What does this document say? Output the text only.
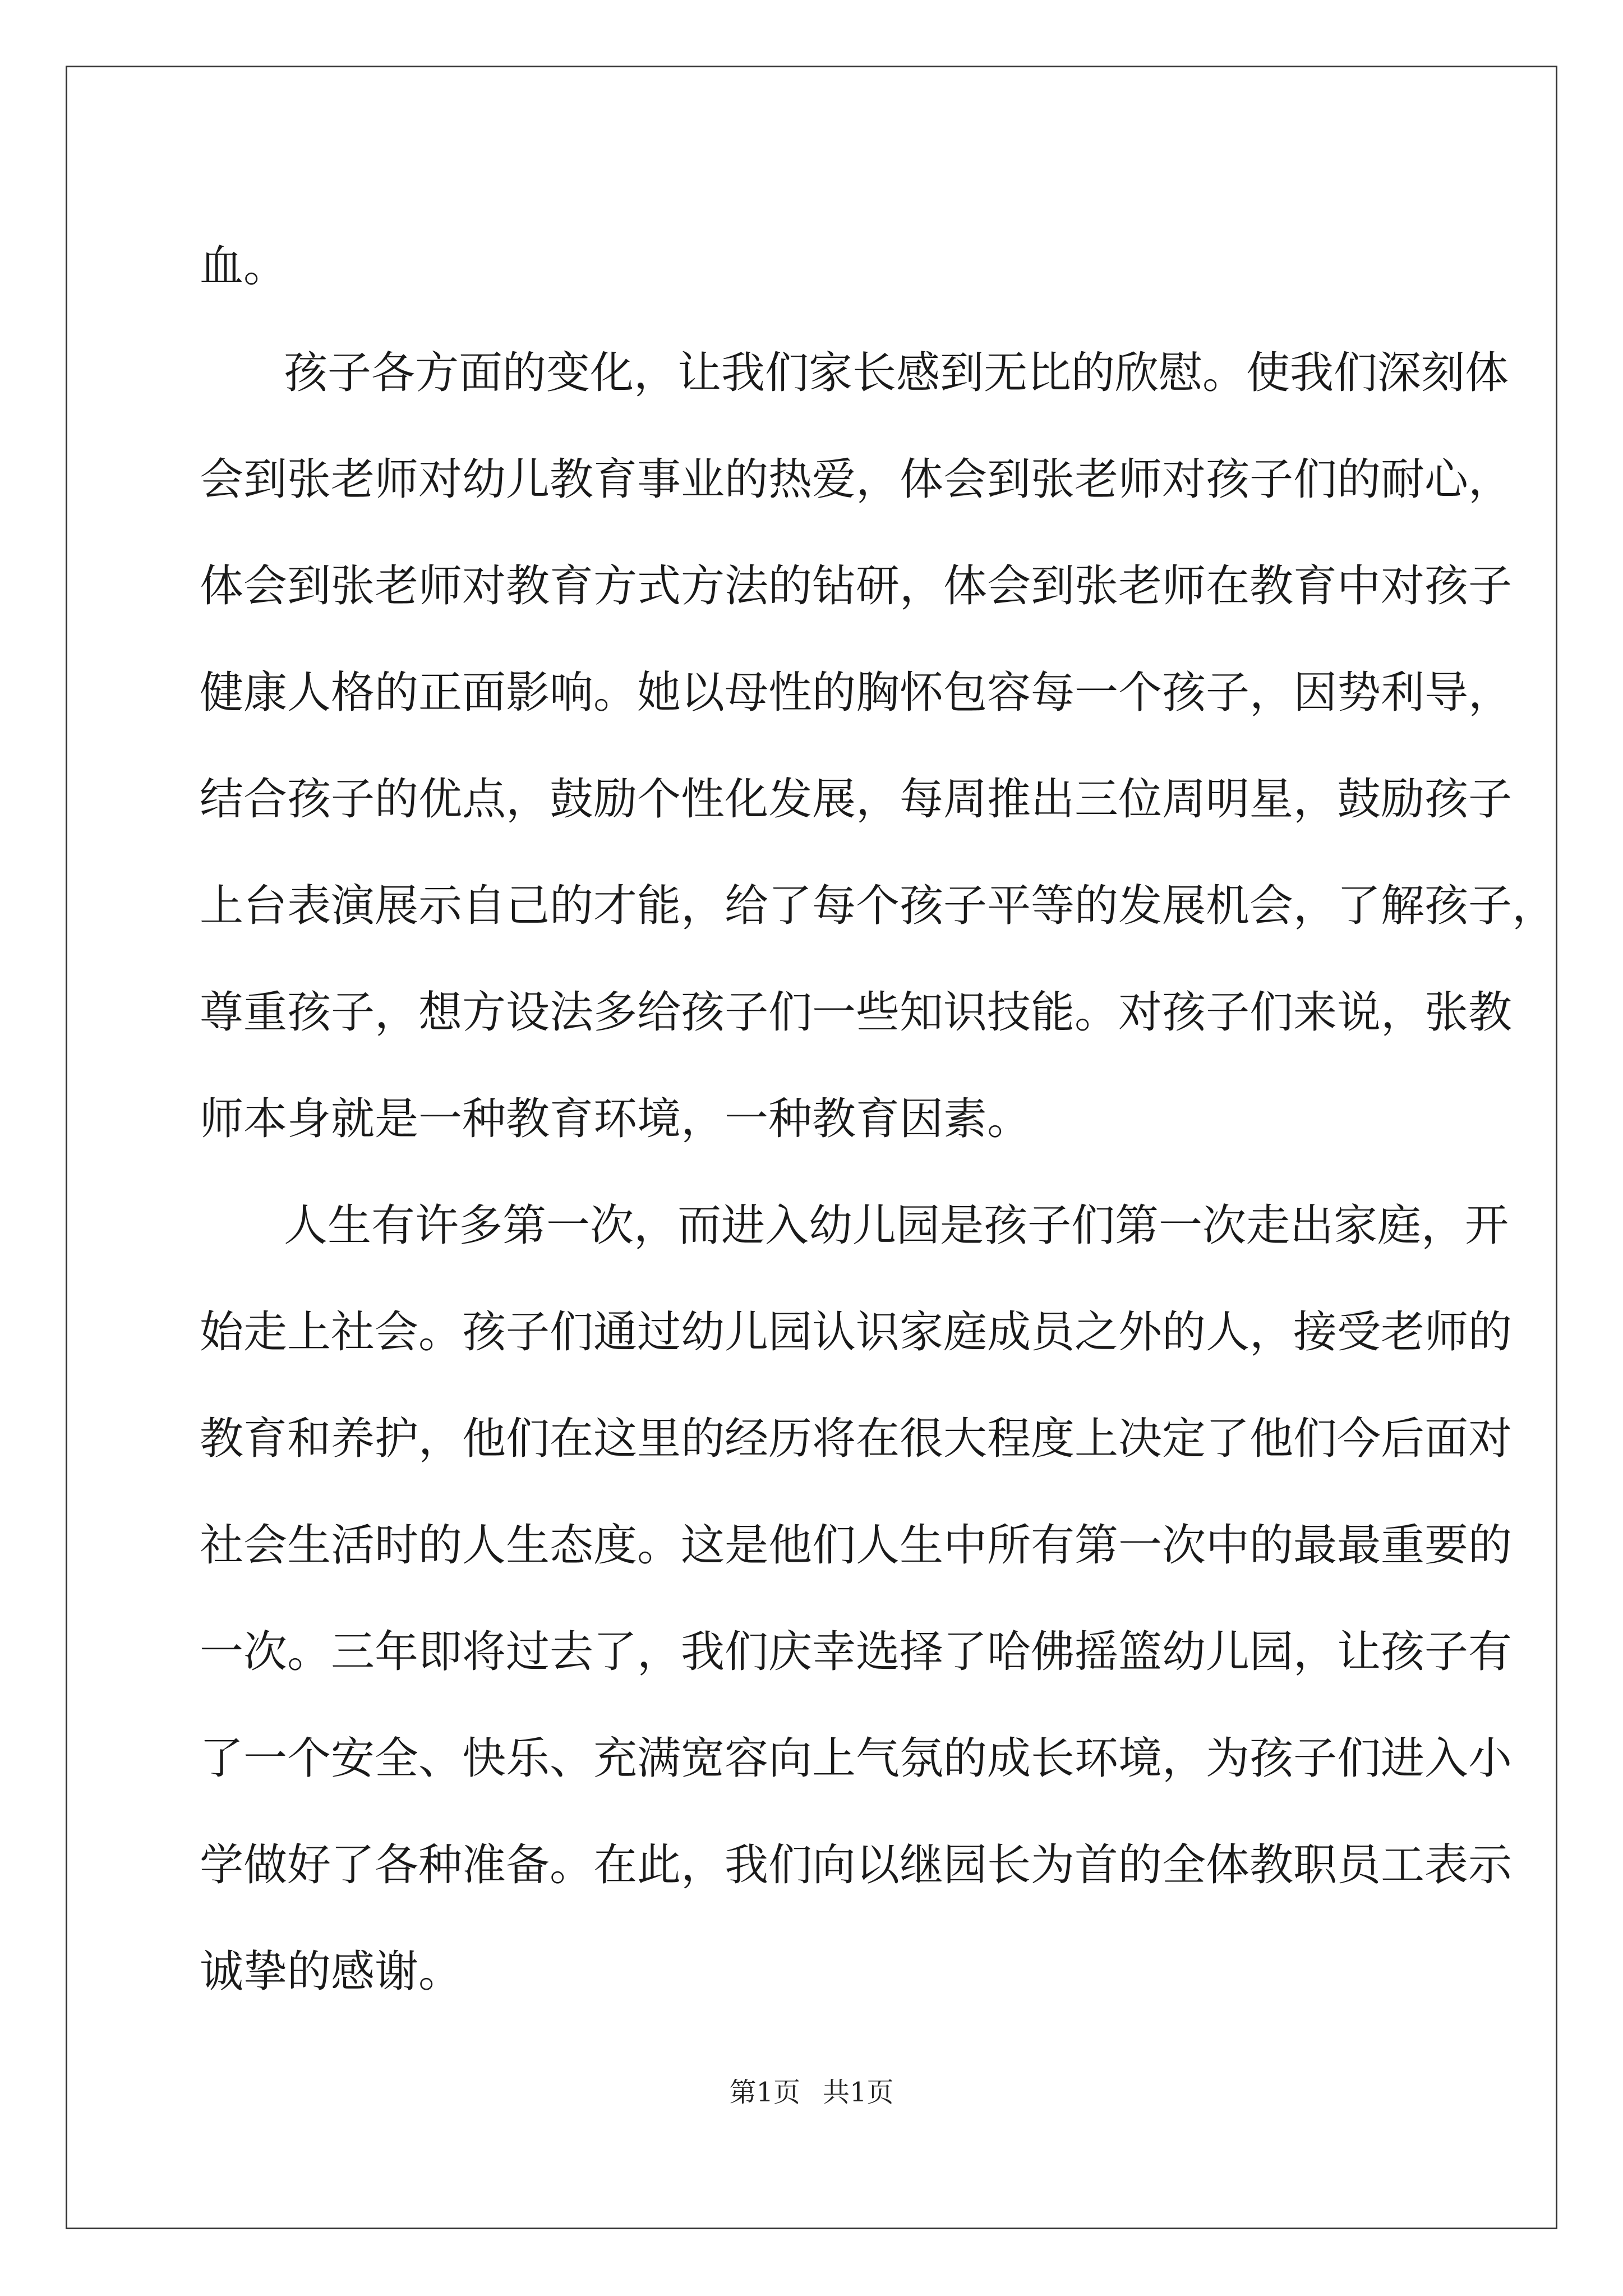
血。
孩子各方面的变化，让我们家长感到无比的欣慰。使我们深刻体
会到张老师对幼儿教育事业的热爱，体会到张老师对孩子们的耐心，
体会到张老师对教育方式方法的钻研，体会到张老师在教育中对孩子
健康人格的正面影响。她以母性的胸怀包容每一个孩子，因势利导，
结合孩子的优点，鼓励个性化发展，每周推出三位周明星，鼓励孩子
上台表演展示自己的才能，给了每个孩子平等的发展机会，了解孩子，
尊重孩子，想方设法多给孩子们一些知识技能。对孩子们来说，张教
师本身就是一种教育环境，一种教育因素。
人生有许多第一次，而进入幼儿园是孩子们第一次走出家庭，开
始走上社会。孩子们通过幼儿园认识家庭成员之外的人，接受老师的
教育和养护，他们在这里的经历将在很大程度上决定了他们今后面对
社会生活时的人生态度。这是他们人生中所有第一次中的最最重要的
一次。三年即将过去了，我们庆幸选择了哈佛摇篮幼儿园，让孩子有
了一个安全、快乐、充满宽容向上气氛的成长环境，为孩子们进入小
学做好了各种准备。在此，我们向以继园长为首的全体教职员工表示
诚挚的感谢。
第1页 共1页
